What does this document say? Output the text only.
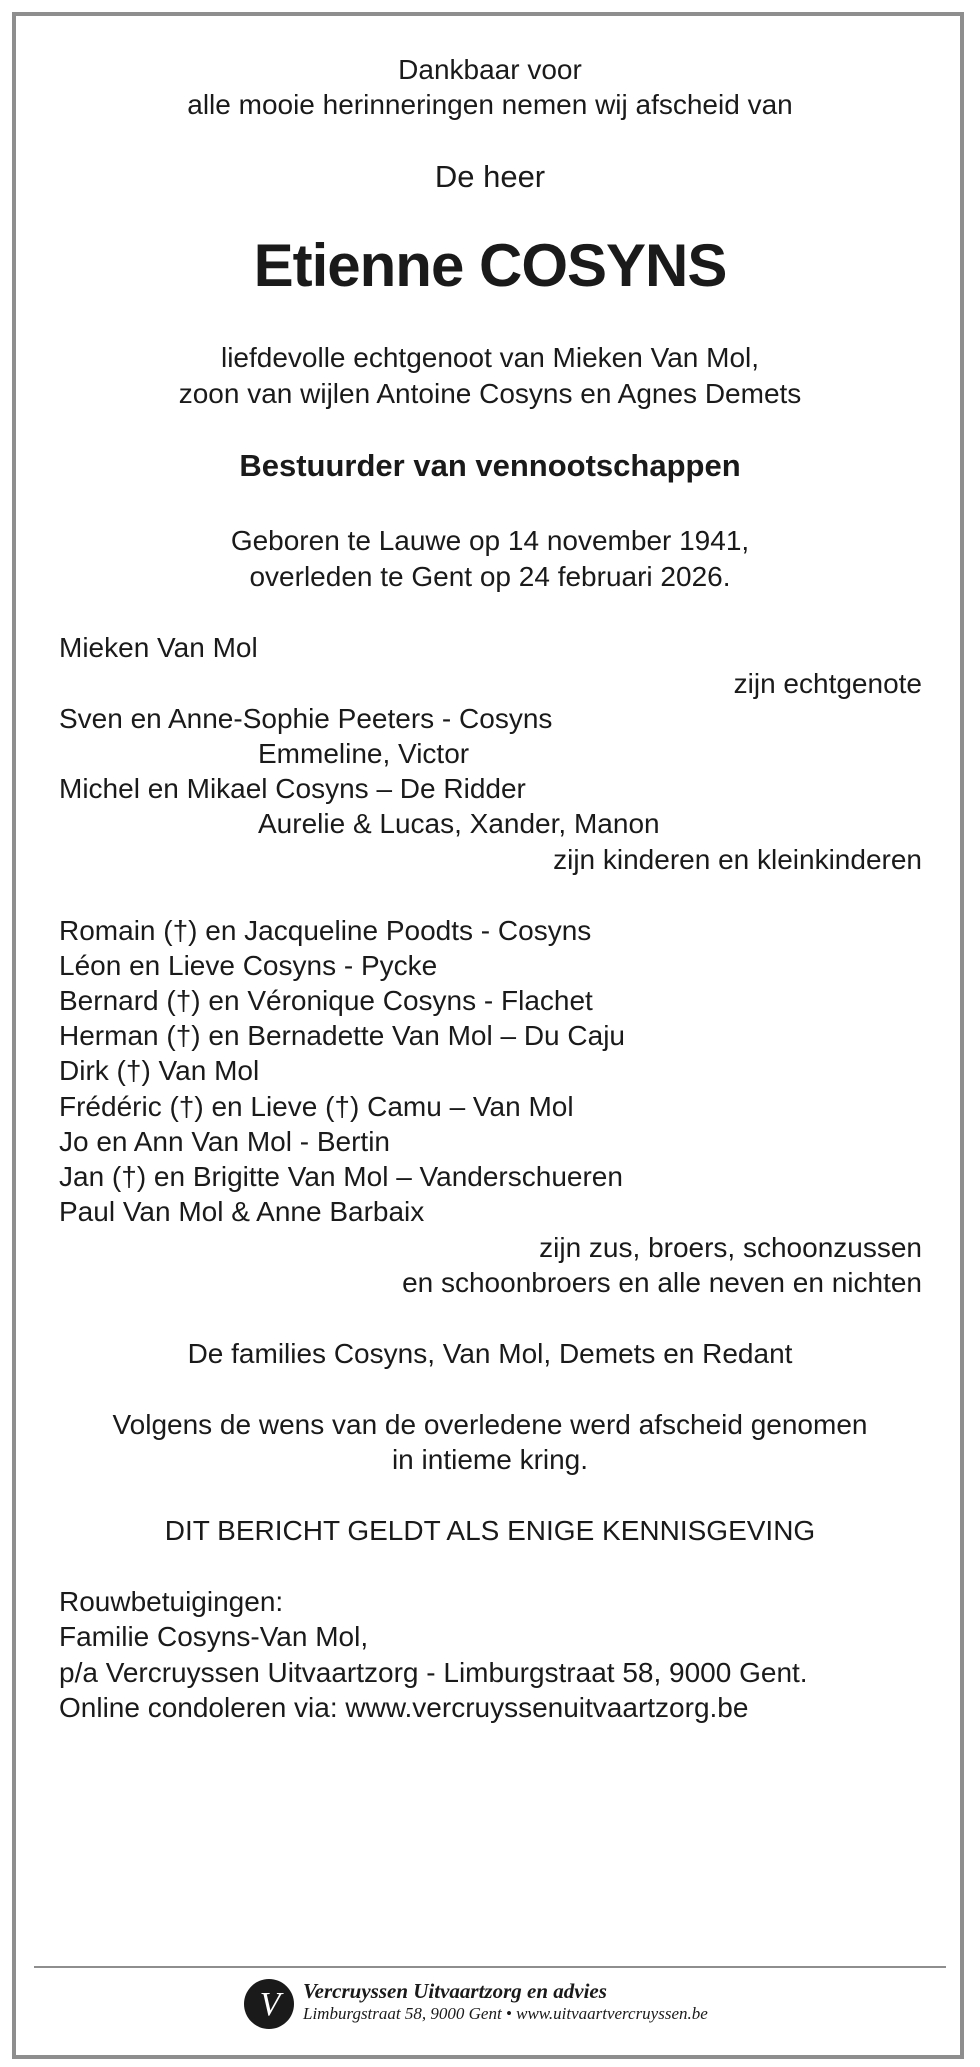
Dankbaar voor
alle mooie herinneringen nemen wij afscheid van
De heer
Etienne COSYNS
liefdevolle echtgenoot van Mieken Van Mol,
zoon van wijlen Antoine Cosyns en Agnes Demets
Bestuurder van vennootschappen
Geboren te Lauwe op 14 november 1941,
overleden te Gent op 24 februari 2026.
Mieken Van Mol
zijn echtgenote
Sven en Anne-Sophie Peeters - Cosyns
Emmeline, Victor
Michel en Mikael Cosyns – De Ridder
Aurelie & Lucas, Xander, Manon
zijn kinderen en kleinkinderen
Romain (†) en Jacqueline Poodts - Cosyns
Léon en Lieve Cosyns - Pycke
Bernard (†) en Véronique Cosyns - Flachet
Herman (†) en Bernadette Van Mol – Du Caju
Dirk (†) Van Mol
Frédéric (†) en Lieve (†) Camu – Van Mol
Jo en Ann Van Mol - Bertin
Jan (†) en Brigitte Van Mol – Vanderschueren
Paul Van Mol & Anne Barbaix
zijn zus, broers, schoonzussen
en schoonbroers en alle neven en nichten
De families Cosyns, Van Mol, Demets en Redant
Volgens de wens van de overledene werd afscheid genomen
in intieme kring.
DIT BERICHT GELDT ALS ENIGE KENNISGEVING
Rouwbetuigingen:
Familie Cosyns-Van Mol,
p/a Vercruyssen Uitvaartzorg - Limburgstraat 58, 9000 Gent.
Online condoleren via: www.vercruyssenuitvaartzorg.be
V Vercruyssen Uitvaartzorg en advies
Limburgstraat 58, 9000 Gent • www.uitvaartvercruyssen.be
